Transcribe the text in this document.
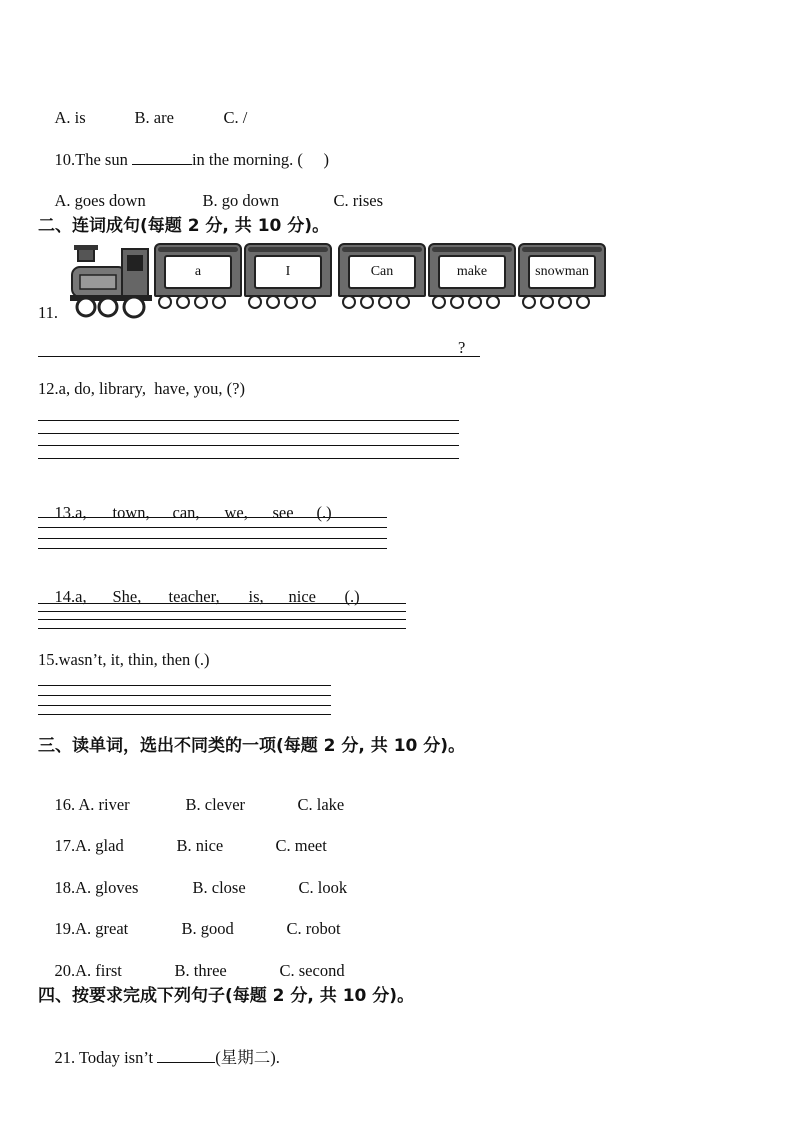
A. is	B. are	C. /

10.The sun	in the morning. (     )

A. goes down	B. go down	C. rises

二、连词成句(每题 2 分, 共 10 分)。
11.
a	I	Can	make	snowman
?
12.a, do, library,  have, you, (?)

13.a, town, can, we, see (.)

14.a, She, teacher, is, nice (.)

15.wasn’t, it, thin, then (.)
三、读单词，选出不同类的一项(每题 2 分, 共 10 分)。

16. A. river	B. clever	C. lake

17.A. glad	B. nice	C. meet

18.A. gloves	B. close	C. look

19.A. great	B. good	C. robot

20.A. first	B. three	C. second

四、按要求完成下列句子(每题 2 分, 共 10 分)。

21. Today isn’t	(星期二).
